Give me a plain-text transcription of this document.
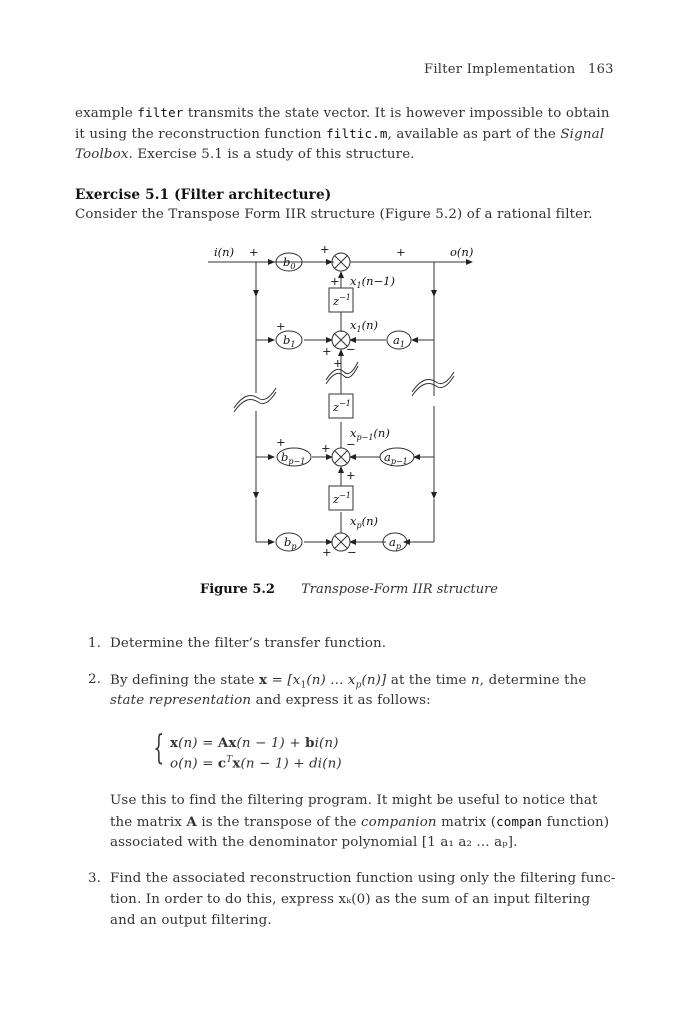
Filter Implementation 163
example filter transmits the state vector. It is however impossible to obtain
it using the reconstruction function filtic.m, available as part of the Signal
Toolbox. Exercise 5.1 is a study of this structure.
Exercise 5.1 (Filter architecture)
Consider the Transpose Form IIR structure (Figure 5.2) of a rational filter.
i(n) +	o(n)
+	+
$b_0$
$b_1$
$b_{p-1}$
$b_p$
$a_1$
$a_{p-1}$
$a_p$
$z^{-1}$
$z^{-1}$
$z^{-1}$
$x_1(n-1)$
$x_1(n)$
$x_{p-1}(n)$
$x_p(n)$
+
+
+ −
+
+	+ −
+
+ −
Figure 5.2 Transpose-Form IIR structure
1. Determine the filter’s transfer function.
2. By defining the state $x = [x_1(n)$ ... $x_p(n)$] at the time n, determine the
state representation and express it as follows:
{ x(n) = Ax(n − 1) + bi(n)
$o(n) = c^Tx(n - 1) + di(n)$
Use this to find the filtering program. It might be useful to notice that
the matrix A is the transpose of the companion matrix (compan function)
associated with the denominator polynomial [1 a₁ a₂ ... aₚ].
3. Find the associated reconstruction function using only the filtering func-
tion. In order to do this, express xₖ(0) as the sum of an input filtering
and an output filtering.
